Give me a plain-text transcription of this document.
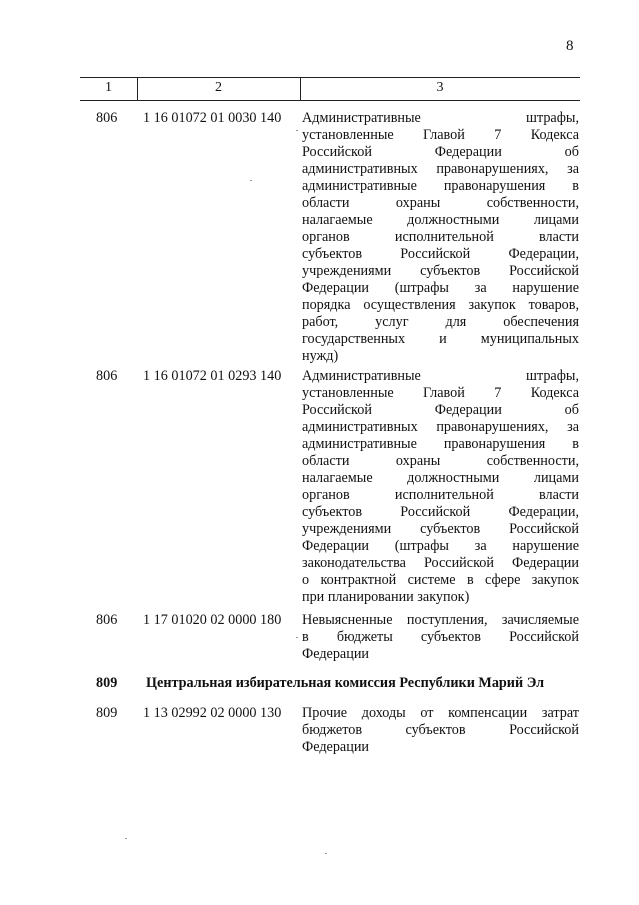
8
1	2	3
806	1 16 01072 01 0030 140	Административные штрафы,
установленные Главой 7 Кодекса
Российской Федерации об
административных правонарушениях, за
административные правонарушения в
области охраны собственности,
налагаемые должностными лицами
органов исполнительной власти
субъектов Российской Федерации,
учреждениями субъектов Российской
Федерации (штрафы за нарушение
порядка осуществления закупок товаров,
работ, услуг для обеспечения
государственных и муниципальных
нужд)
806	1 16 01072 01 0293 140	Административные штрафы,
установленные Главой 7 Кодекса
Российской Федерации об
административных правонарушениях, за
административные правонарушения в
области охраны собственности,
налагаемые должностными лицами
органов исполнительной власти
субъектов Российской Федерации,
учреждениями субъектов Российской
Федерации (штрафы за нарушение
законодательства Российской Федерации
о контрактной системе в сфере закупок
при планировании закупок)
806	1 17 01020 02 0000 180	Невыясненные поступления, зачисляемые
в бюджеты субъектов Российской
Федерации
809 Центральная избирательная комиссия Республики Марий Эл
809	1 13 02992 02 0000 130	Прочие доходы от компенсации затрат
бюджетов субъектов Российской
Федерации
